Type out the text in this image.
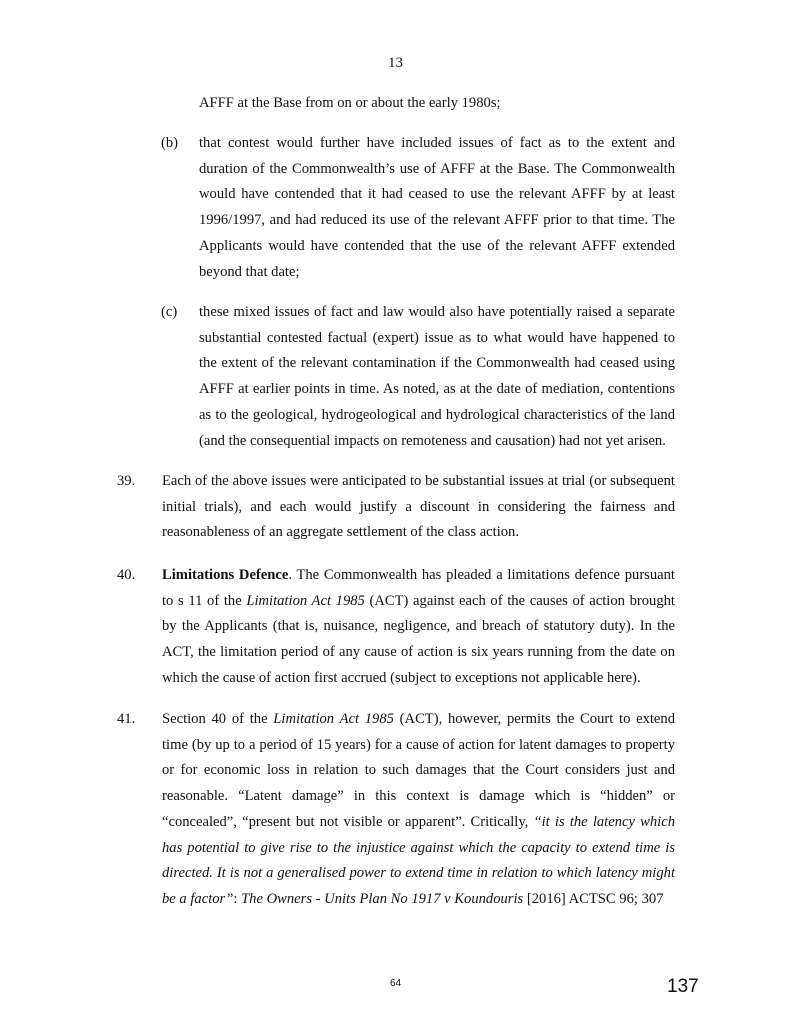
13

AFFF at the Base from on or about the early 1980s;

(b) that contest would further have included issues of fact as to the extent and duration of the Commonwealth’s use of AFFF at the Base. The Commonwealth would have contended that it had ceased to use the relevant AFFF by at least 1996/1997, and had reduced its use of the relevant AFFF prior to that time. The Applicants would have contended that the use of the relevant AFFF extended beyond that date;

(c) these mixed issues of fact and law would also have potentially raised a separate substantial contested factual (expert) issue as to what would have happened to the extent of the relevant contamination if the Commonwealth had ceased using AFFF at earlier points in time. As noted, as at the date of mediation, contentions as to the geological, hydrogeological and hydrological characteristics of the land (and the consequential impacts on remoteness and causation) had not yet arisen.

39. Each of the above issues were anticipated to be substantial issues at trial (or subsequent initial trials), and each would justify a discount in considering the fairness and reasonableness of an aggregate settlement of the class action.

40. Limitations Defence. The Commonwealth has pleaded a limitations defence pursuant to s 11 of the Limitation Act 1985 (ACT) against each of the causes of action brought by the Applicants (that is, nuisance, negligence, and breach of statutory duty). In the ACT, the limitation period of any cause of action is six years running from the date on which the cause of action first accrued (subject to exceptions not applicable here).

41. Section 40 of the Limitation Act 1985 (ACT), however, permits the Court to extend time (by up to a period of 15 years) for a cause of action for latent damages to property or for economic loss in relation to such damages that the Court considers just and reasonable. “Latent damage” in this context is damage which is “hidden” or “concealed”, “present but not visible or apparent”. Critically, “it is the latency which has potential to give rise to the injustice against which the capacity to extend time is directed. It is not a generalised power to extend time in relation to which latency might be a factor”: The Owners - Units Plan No 1917 v Koundouris [2016] ACTSC 96; 307

64	137
